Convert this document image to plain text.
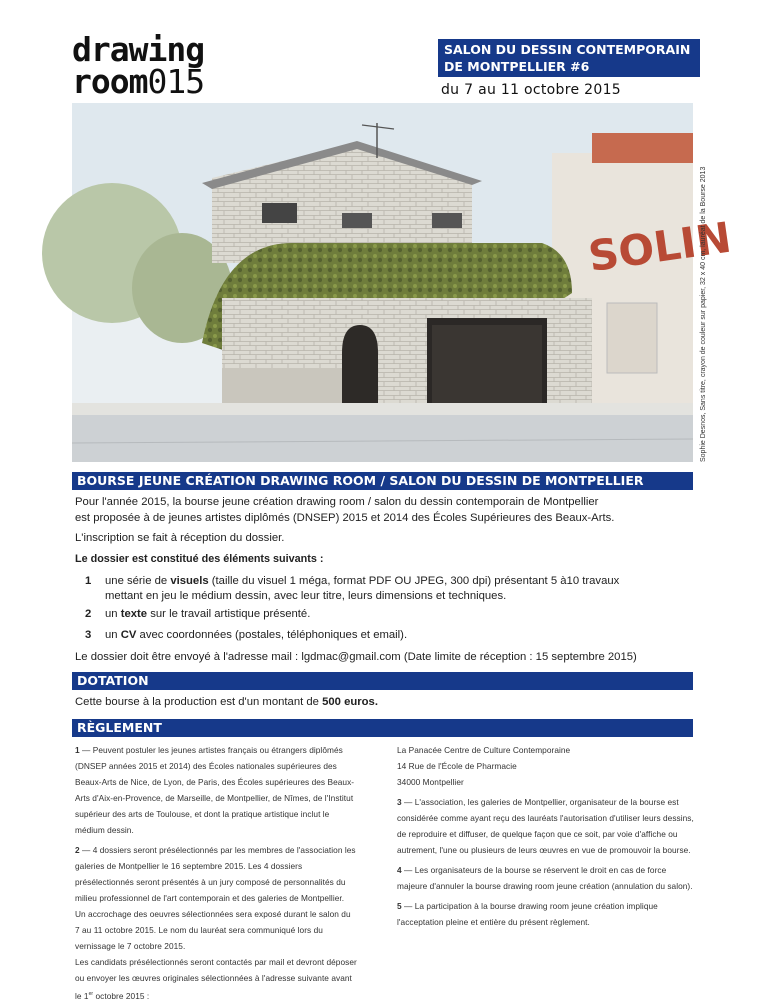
drawing
room015
SALON DU DESSIN CONTEMPORAIN
DE MONTPELLIER #6
du 7 au 11 octobre 2015
SOLIN
Sophie Desnos, Sans titre, crayon de couleur sur papier, 32 x 40 cm, lauréat de la Bourse 2013
BOURSE JEUNE CRÉATION DRAWING ROOM / SALON DU DESSIN DE MONTPELLIER
Pour l'année 2015, la bourse jeune création drawing room / salon du dessin contemporain de Montpellier
est proposée à de jeunes artistes diplômés (DNSEP) 2015 et 2014 des Écoles Supérieures des Beaux-Arts.
L'inscription se fait à réception du dossier.
Le dossier est constitué des éléments suivants :
1 une série de visuels (taille du visuel 1 méga, format PDF OU JPEG, 300 dpi) présentant 5 à10 travaux
mettant en jeu le médium dessin, avec leur titre, leurs dimensions et techniques.
2 un texte sur le travail artistique présenté.
3 un CV avec coordonnées (postales, téléphoniques et email).
Le dossier doit être envoyé à l'adresse mail : lgdmac@gmail.com (Date limite de réception : 15 septembre 2015)
DOTATION
Cette bourse à la production est d'un montant de 500 euros.
RÈGLEMENT

1 — Peuvent postuler les jeunes artistes français ou étrangers diplômés (DNSEP années 2015 et 2014) des Écoles nationales supérieures des Beaux-Arts de Nice, de Lyon, de Paris, des Écoles supérieures des Beaux-Arts d'Aix-en-Provence, de Marseille, de Montpellier, de Nîmes, de l'Institut supérieur des arts de Toulouse, et dont la pratique artistique inclut le médium dessin.

2 — 4 dossiers seront présélectionnés par les membres de l'association les galeries de Montpellier le 16 septembre 2015. Les 4 dossiers présélectionnés seront présentés à un jury composé de personnalités du milieu professionnel de l'art contemporain et des galeries de Montpellier. Un accrochage des oeuvres sélectionnées sera exposé durant le salon du 7 au 11 octobre 2015. Le nom du lauréat sera communiqué lors du vernissage le 7 octobre 2015.

Les candidats présélectionnés seront contactés par mail et devront déposer ou envoyer les œuvres originales sélectionnées à l'adresse suivante avant le 1er octobre 2015 :

La Panacée Centre de Culture Contemporaine
14 Rue de l'École de Pharmacie
34000 Montpellier

3 — L'association, les galeries de Montpellier, organisateur de la bourse est considérée comme ayant reçu des lauréats l'autorisation d'utiliser leurs dessins, de reproduire et diffuser, de quelque façon que ce soit, par voie d'affiche ou autrement, l'une ou plusieurs de leurs œuvres en vue de promouvoir la bourse.

4 — Les organisateurs de la bourse se réservent le droit en cas de force majeure d'annuler la bourse drawing room jeune création (annulation du salon).

5 — La participation à la bourse drawing room jeune création implique l'acceptation pleine et entière du présent règlement.
